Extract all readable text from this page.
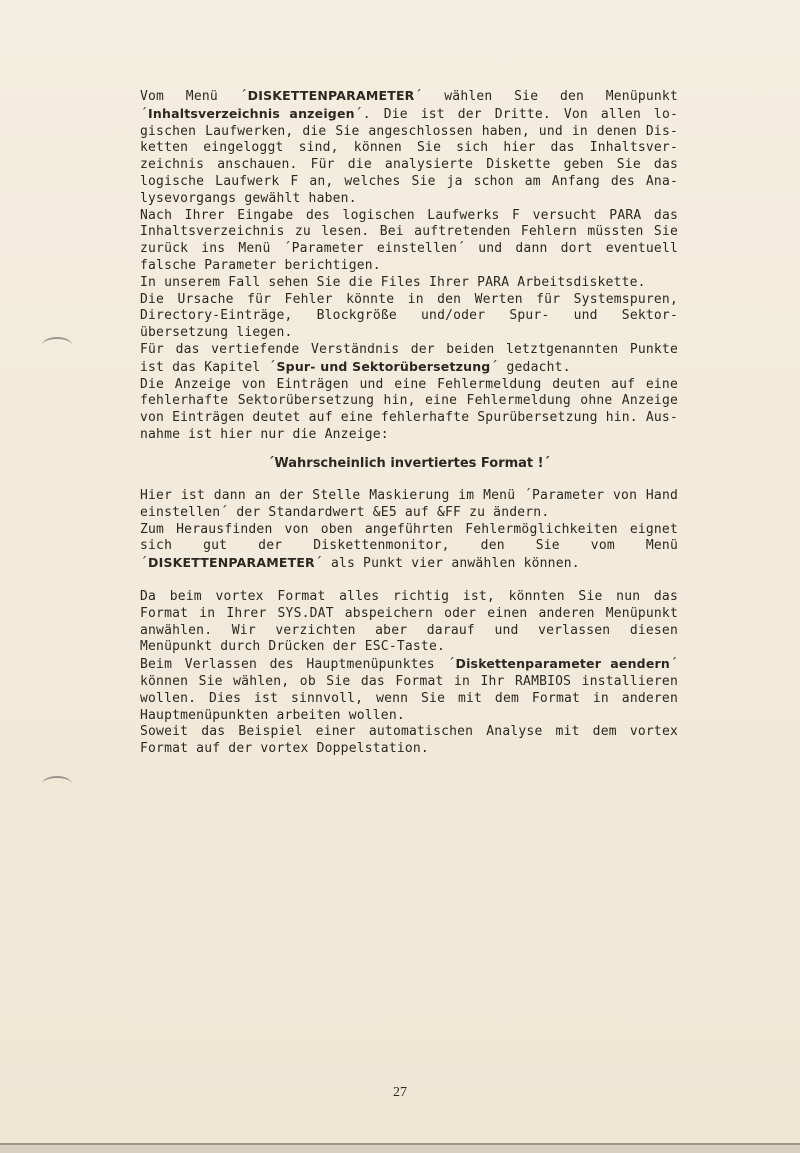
Vom Menü ´DISKETTENPARAMETER´ wählen Sie den Menüpunkt

´Inhaltsverzeichnis anzeigen´. Die ist der Dritte. Von allen lo-

gischen Laufwerken, die Sie angeschlossen haben, und in denen Dis-

ketten eingeloggt sind, können Sie sich hier das Inhaltsver-

zeichnis anschauen. Für die analysierte Diskette geben Sie das

logische Laufwerk F an, welches Sie ja schon am Anfang des Ana-

lysevorgangs gewählt haben.

Nach Ihrer Eingabe des logischen Laufwerks F versucht PARA das

Inhaltsverzeichnis zu lesen. Bei auftretenden Fehlern müssten Sie

zurück ins Menü ´Parameter einstellen´ und dann dort eventuell

falsche Parameter berichtigen.

In unserem Fall sehen Sie die Files Ihrer PARA Arbeitsdiskette.

Die Ursache für Fehler könnte in den Werten für Systemspuren,

Directory-Einträge, Blockgröße und/oder Spur- und Sektor-

übersetzung liegen.

Für das vertiefende Verständnis der beiden letztgenannten Punkte

ist das Kapitel ´Spur- und Sektorübersetzung´ gedacht.

Die Anzeige von Einträgen und eine Fehlermeldung deuten auf eine

fehlerhafte Sektorübersetzung hin, eine Fehlermeldung ohne Anzeige

von Einträgen deutet auf eine fehlerhafte Spurübersetzung hin. Aus-

nahme ist hier nur die Anzeige:

´Wahrscheinlich invertiertes Format !´

Hier ist dann an der Stelle Maskierung im Menü ´Parameter von Hand

einstellen´ der Standardwert &E5 auf &FF zu ändern.

Zum Herausfinden von oben angeführten Fehlermöglichkeiten eignet

sich gut der Diskettenmonitor, den Sie vom Menü

´DISKETTENPARAMETER´ als Punkt vier anwählen können.

Da beim vortex Format alles richtig ist, könnten Sie nun das

Format in Ihrer SYS.DAT abspeichern oder einen anderen Menüpunkt

anwählen. Wir verzichten aber darauf und verlassen diesen

Menüpunkt durch Drücken der ESC-Taste.

Beim Verlassen des Hauptmenüpunktes ´Diskettenparameter aendern´

können Sie wählen, ob Sie das Format in Ihr RAMBIOS installieren

wollen. Dies ist sinnvoll, wenn Sie mit dem Format in anderen

Hauptmenüpunkten arbeiten wollen.

Soweit das Beispiel einer automatischen Analyse mit dem vortex

Format auf der vortex Doppelstation.

27
